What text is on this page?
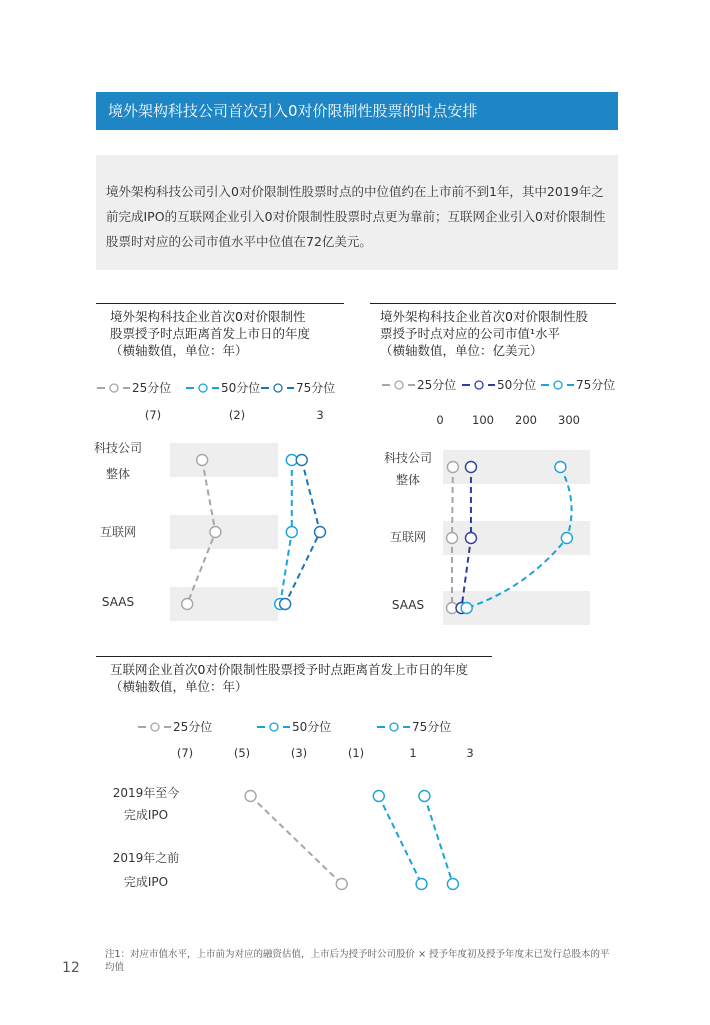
境外架构科技公司首次引入0对价限制性股票的时点安排
境外架构科技公司引入0对价限制性股票时点的中位值约在上市前不到1年，其中2019年之前完成IPO的互联网企业引入0对价限制性股票时点更为靠前；互联网企业引入0对价限制性股票时对应的公司市值水平中位值在72亿美元。
境外架构科技企业首次0对价限制性
股票授予时点距离首发上市日的年度
（横轴数值，单位：年）
境外架构科技企业首次0对价限制性股
票授予时点对应的公司市值¹水平
（横轴数值，单位：亿美元）
互联网企业首次0对价限制性股票授予时点距离首发上市日的年度
（横轴数值，单位：年）
25分位	50分位	75分位
(7)	(2)	3
科技公司
整体
互联网
SAAS
25分位	50分位	75分位
0 100 200 300
科技公司
整体
互联网
SAAS
25分位	50分位	75分位
(7)	(5)	(3)	(1)	1	3
2019年至今
完成IPO
2019年之前
完成IPO
注1：对应市值水平，上市前为对应的融资估值，上市后为授予时公司股价 × 授予年度初及授予年度末已发行总股本的平均值
12
